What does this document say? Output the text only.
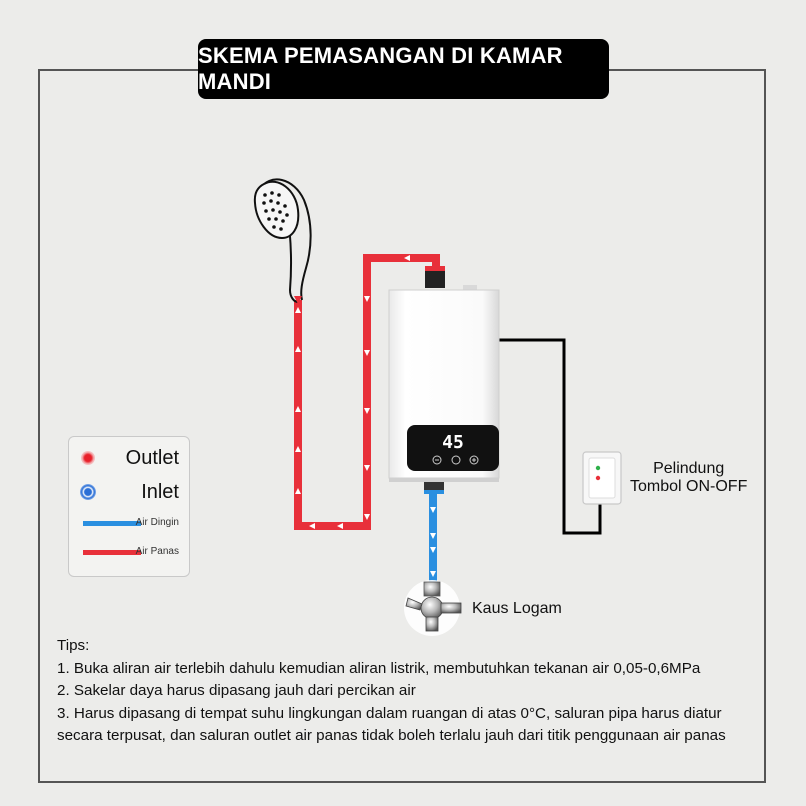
SKEMA PEMASANGAN DI KAMAR MANDI
45
Outlet
Inlet
Air Dingin
Air Panas
Pelindung
Tombol ON-OFF
Kaus Logam
Tips:
1. Buka aliran air terlebih dahulu kemudian aliran listrik, membutuhkan tekanan air 0,05-0,6MPa
2. Sakelar daya harus dipasang jauh dari percikan air
3. Harus dipasang di tempat suhu lingkungan dalam ruangan di atas 0°C, saluran pipa harus diatur secara terpusat, dan saluran outlet air panas tidak boleh terlalu jauh dari titik penggunaan air panas
